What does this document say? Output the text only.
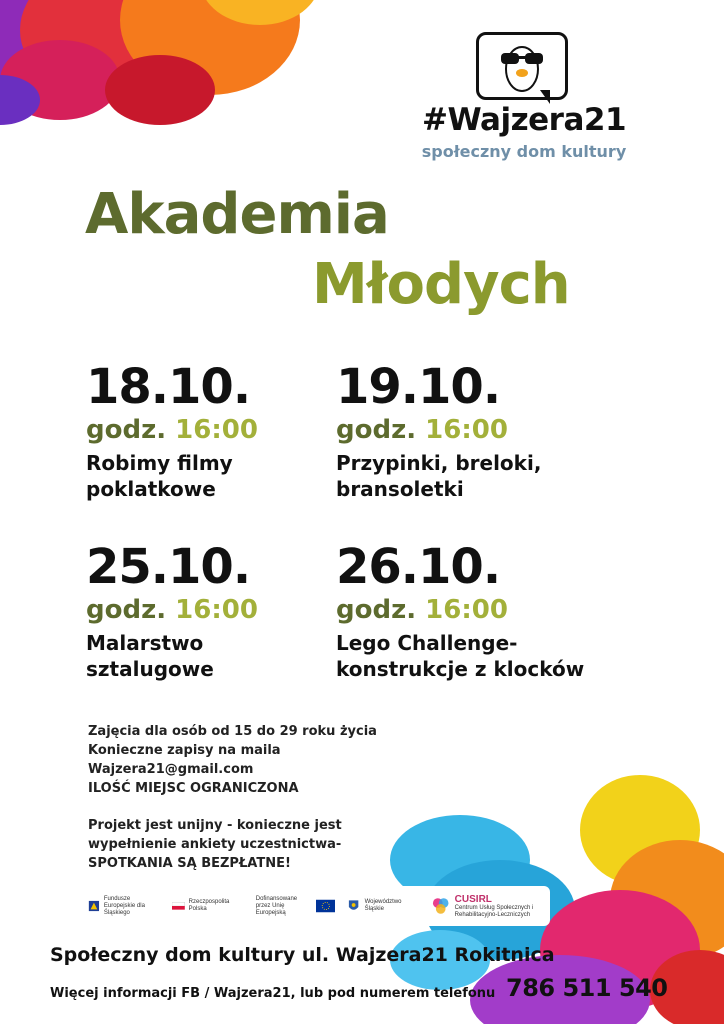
#Wajzera21
społeczny dom kultury
Akademia
Młodych
18.10.
godz. 16:00
Robimy filmy
poklatkowe
19.10.
godz. 16:00
Przypinki, breloki,
bransoletki
25.10.
godz. 16:00
Malarstwo
sztalugowe
26.10.
godz. 16:00
Lego Challenge-
konstrukcje z klocków

Zajęcia dla osób od 15 do 29 roku życia

Konieczne zapisy na maila

Wajzera21@gmail.com

ILOŚĆ MIEJSC OGRANICZONA

Projekt jest unijny - konieczne jest

wypełnienie ankiety uczestnictwa-

SPOTKANIA SĄ BEZPŁATNE!

Fundusze Europejskie dla Śląskiego
Rzeczpospolita Polska
Dofinansowane przez Unię Europejską
Województwo Śląskie
CUSIRL
Centrum Usług Społecznych i Rehabilitacyjno-Leczniczych
Społeczny dom kultury ul. Wajzera21 Rokitnica
Więcej informacji FB / Wajzera21, lub pod numerem telefonu 786 511 540
